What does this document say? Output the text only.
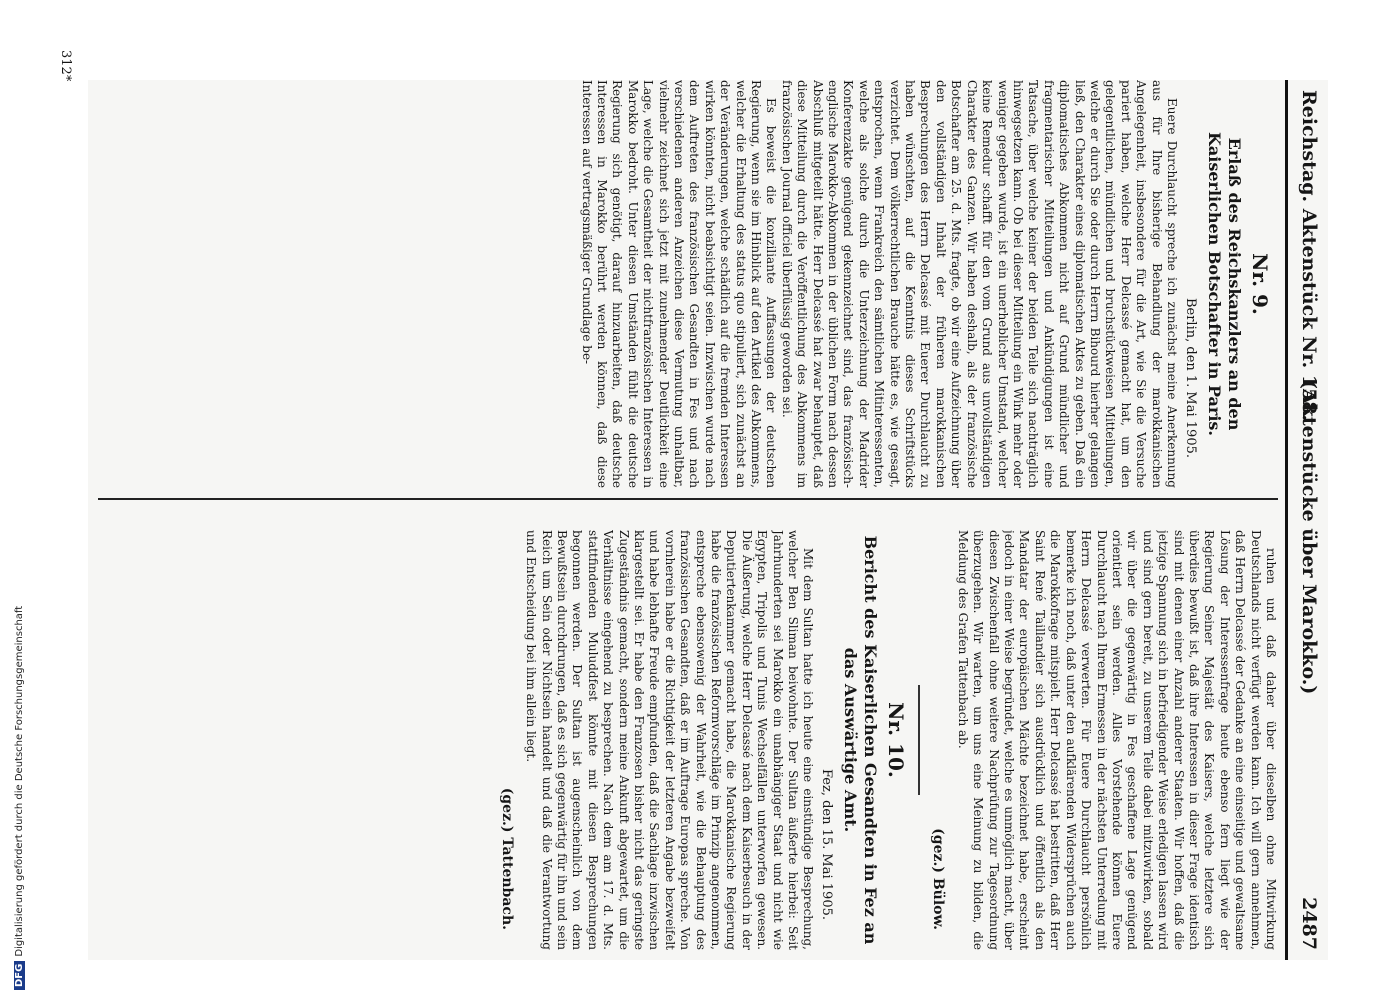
Reichstag. Aktenstück Nr. 158.
(Aktenstücke über Marokko.)
2487
Nr. 9.
Erlaß des Reichskanzlers an den Kaiserlichen Botschafter in Paris.
Berlin, den 1. Mai 1905.

Euere Durchlaucht spreche ich zunächst meine Anerkennung aus für Ihre bisherige Behandlung der marokkanischen Angelegenheit, insbesondere für die Art, wie Sie die Versuche pariert haben, welche Herr Delcassé gemacht hat, um den gelegentlichen, mündlichen und bruchstückweisen Mitteilungen, welche er durch Sie oder durch Herrn Bihourd hierher gelangen ließ, den Charakter eines diplomatischen Aktes zu geben. Daß ein diplomatisches Abkommen nicht auf Grund mündlicher und fragmentarischer Mitteilungen und Ankündigungen ist eine Tatsache, über welche keiner der beiden Teile sich nachträglich hinwegsetzen kann. Ob bei dieser Mitteilung ein Wink mehr oder weniger gegeben wurde, ist ein unerheblicher Umstand, welcher keine Remedur schafft für den vom Grund aus unvollständigen Charakter des Ganzen. Wir haben deshalb, als der französische Botschafter am 25. d. Mts. fragte, ob wir eine Aufzeichnung über den vollständigen Inhalt der früheren marokkanischen Besprechungen des Herrn Delcassé mit Euerer Durchlaucht zu haben wünschten, auf die Kenntnis dieses Schriftstücks verzichtet. Dem völkerrechtlichen Brauche hätte es, wie gesagt, entsprochen, wenn Frankreich den sämtlichen Mitinteressenten, welche als solche durch die Unterzeichnung der Madrider Konferenzakte genügend gekennzeichnet sind, das französisch-englische Marokko-Abkommen in der üblichen Form nach dessen Abschluß mitgeteilt hätte. Herr Delcassé hat zwar behauptet, daß diese Mitteilung durch die Veröffentlichung des Abkommens im französischen Journal officiel überflüssig geworden sei.

Es beweist die konziliante Auffassungen der deutschen Regierung, wenn sie im Hinblick auf den Artikel des Abkommens, welcher die Erhaltung des status quo stipuliert, sich zunächst an der Veränderungen, welche schädlich auf die fremden Interessen wirken könnten, nicht beabsichtigt seien. Inzwischen wurde nach dem Auftreten des französischen Gesandten in Fes und nach verschiedenen anderen Anzeichen diese Vermutung unhaltbar, vielmehr zeichnet sich jetzt mit zunehmender Deutlichkeit eine Lage, welche die Gesamtheit der nichtfranzösischen Interessen in Marokko bedroht. Unter diesen Umständen fühlt die deutsche Regierung sich genötigt, darauf hinzuarbeiten, daß deutsche Interessen in Marokko berührt werden können, daß diese Interessen auf vertragsmäßiger Grundlage be-

ruhen und daß daher über dieselben ohne Mitwirkung Deutschlands nicht verfügt werden kann. Ich will gern annehmen, daß Herrn Delcassé der Gedanke an eine einseitige und gewaltsame Lösung der Interessenfrage heute ebenso fern liegt wie der Regierung Seiner Majestät des Kaisers, welche letztere sich überdies bewußt ist, daß ihre Interessen in dieser Frage identisch sind mit denen einer Anzahl anderer Staaten. Wir hoffen, daß die jetzige Spannung sich in befriedigender Weise erledigen lassen wird und sind gern bereit, zu unserem Teile dabei mitzuwirken, sobald wir über die gegenwärtig in Fes geschaffene Lage genügend orientiert sein werden. Alles Vorstehende können Euere Durchlaucht nach Ihrem Ermessen in der nächsten Unterredung mit Herrn Delcassé verwerten. Für Euere Durchlaucht persönlich bemerke ich noch, daß unter den aufklärenden Widersprüchen auch die Marokkofrage mitspielt. Herr Delcassé hat bestritten, daß Herr Saint René Taillandier sich ausdrücklich und öffentlich als den Mandatar der europäischen Mächte bezeichnet habe, erscheint jedoch in einer Weise begründet, welche es unmöglich macht, über diesen Zwischenfall ohne weitere Nachprüfung zur Tagesordnung überzugehen. Wir warten, um uns eine Meinung zu bilden, die Meldung des Grafen Tattenbach ab.

(gez.) Bülow.
Nr. 10.
Bericht des Kaiserlichen Gesandten in Fez an das Auswärtige Amt.
Fez, den 15. Mai 1905.

Mit dem Sultan hatte ich heute eine einstündige Besprechung, welcher Ben Sliman beiwohnte. Der Sultan äußerte hierbei: Seit Jahrhunderten sei Marokko ein unabhängiger Staat und nicht wie Egypten, Tripolis und Tunis Wechselfällen unterworfen gewesen. Die Äußerung, welche Herr Delcassé nach dem Kaiserbesuch in der Deputiertenkammer gemacht habe, die Marokkanische Regierung habe die französischen Reformvorschläge im Prinzip angenommen, entspreche ebensowenig der Wahrheit, wie die Behauptung des französischen Gesandten, daß er im Auftrage Europas spreche. Von vornherein habe er die Richtigkeit der letzteren Angabe bezweifelt und habe lebhafte Freude empfunden, daß die Sachlage inzwischen klargestellt sei. Er habe den Franzosen bisher nicht das geringste Zugeständnis gemacht, sondern meine Ankunft abgewartet, um die Verhältnisse eingehend zu besprechen. Nach dem am 17. d. Mts. stattfindenden Muluddfest könnte mit diesen Besprechungen begonnen werden. Der Sultan ist augenscheinlich von dem Bewußtsein durchdrungen, daß es sich gegenwärtig für ihn und sein Reich um Sein oder Nichtsein handelt und daß die Verantwortung und Entscheidung bei ihm allein liegt.

(gez.) Tattenbach.
312*
DFGDigitalisierung gefördert durch die Deutsche Forschungsgemeinschaft
